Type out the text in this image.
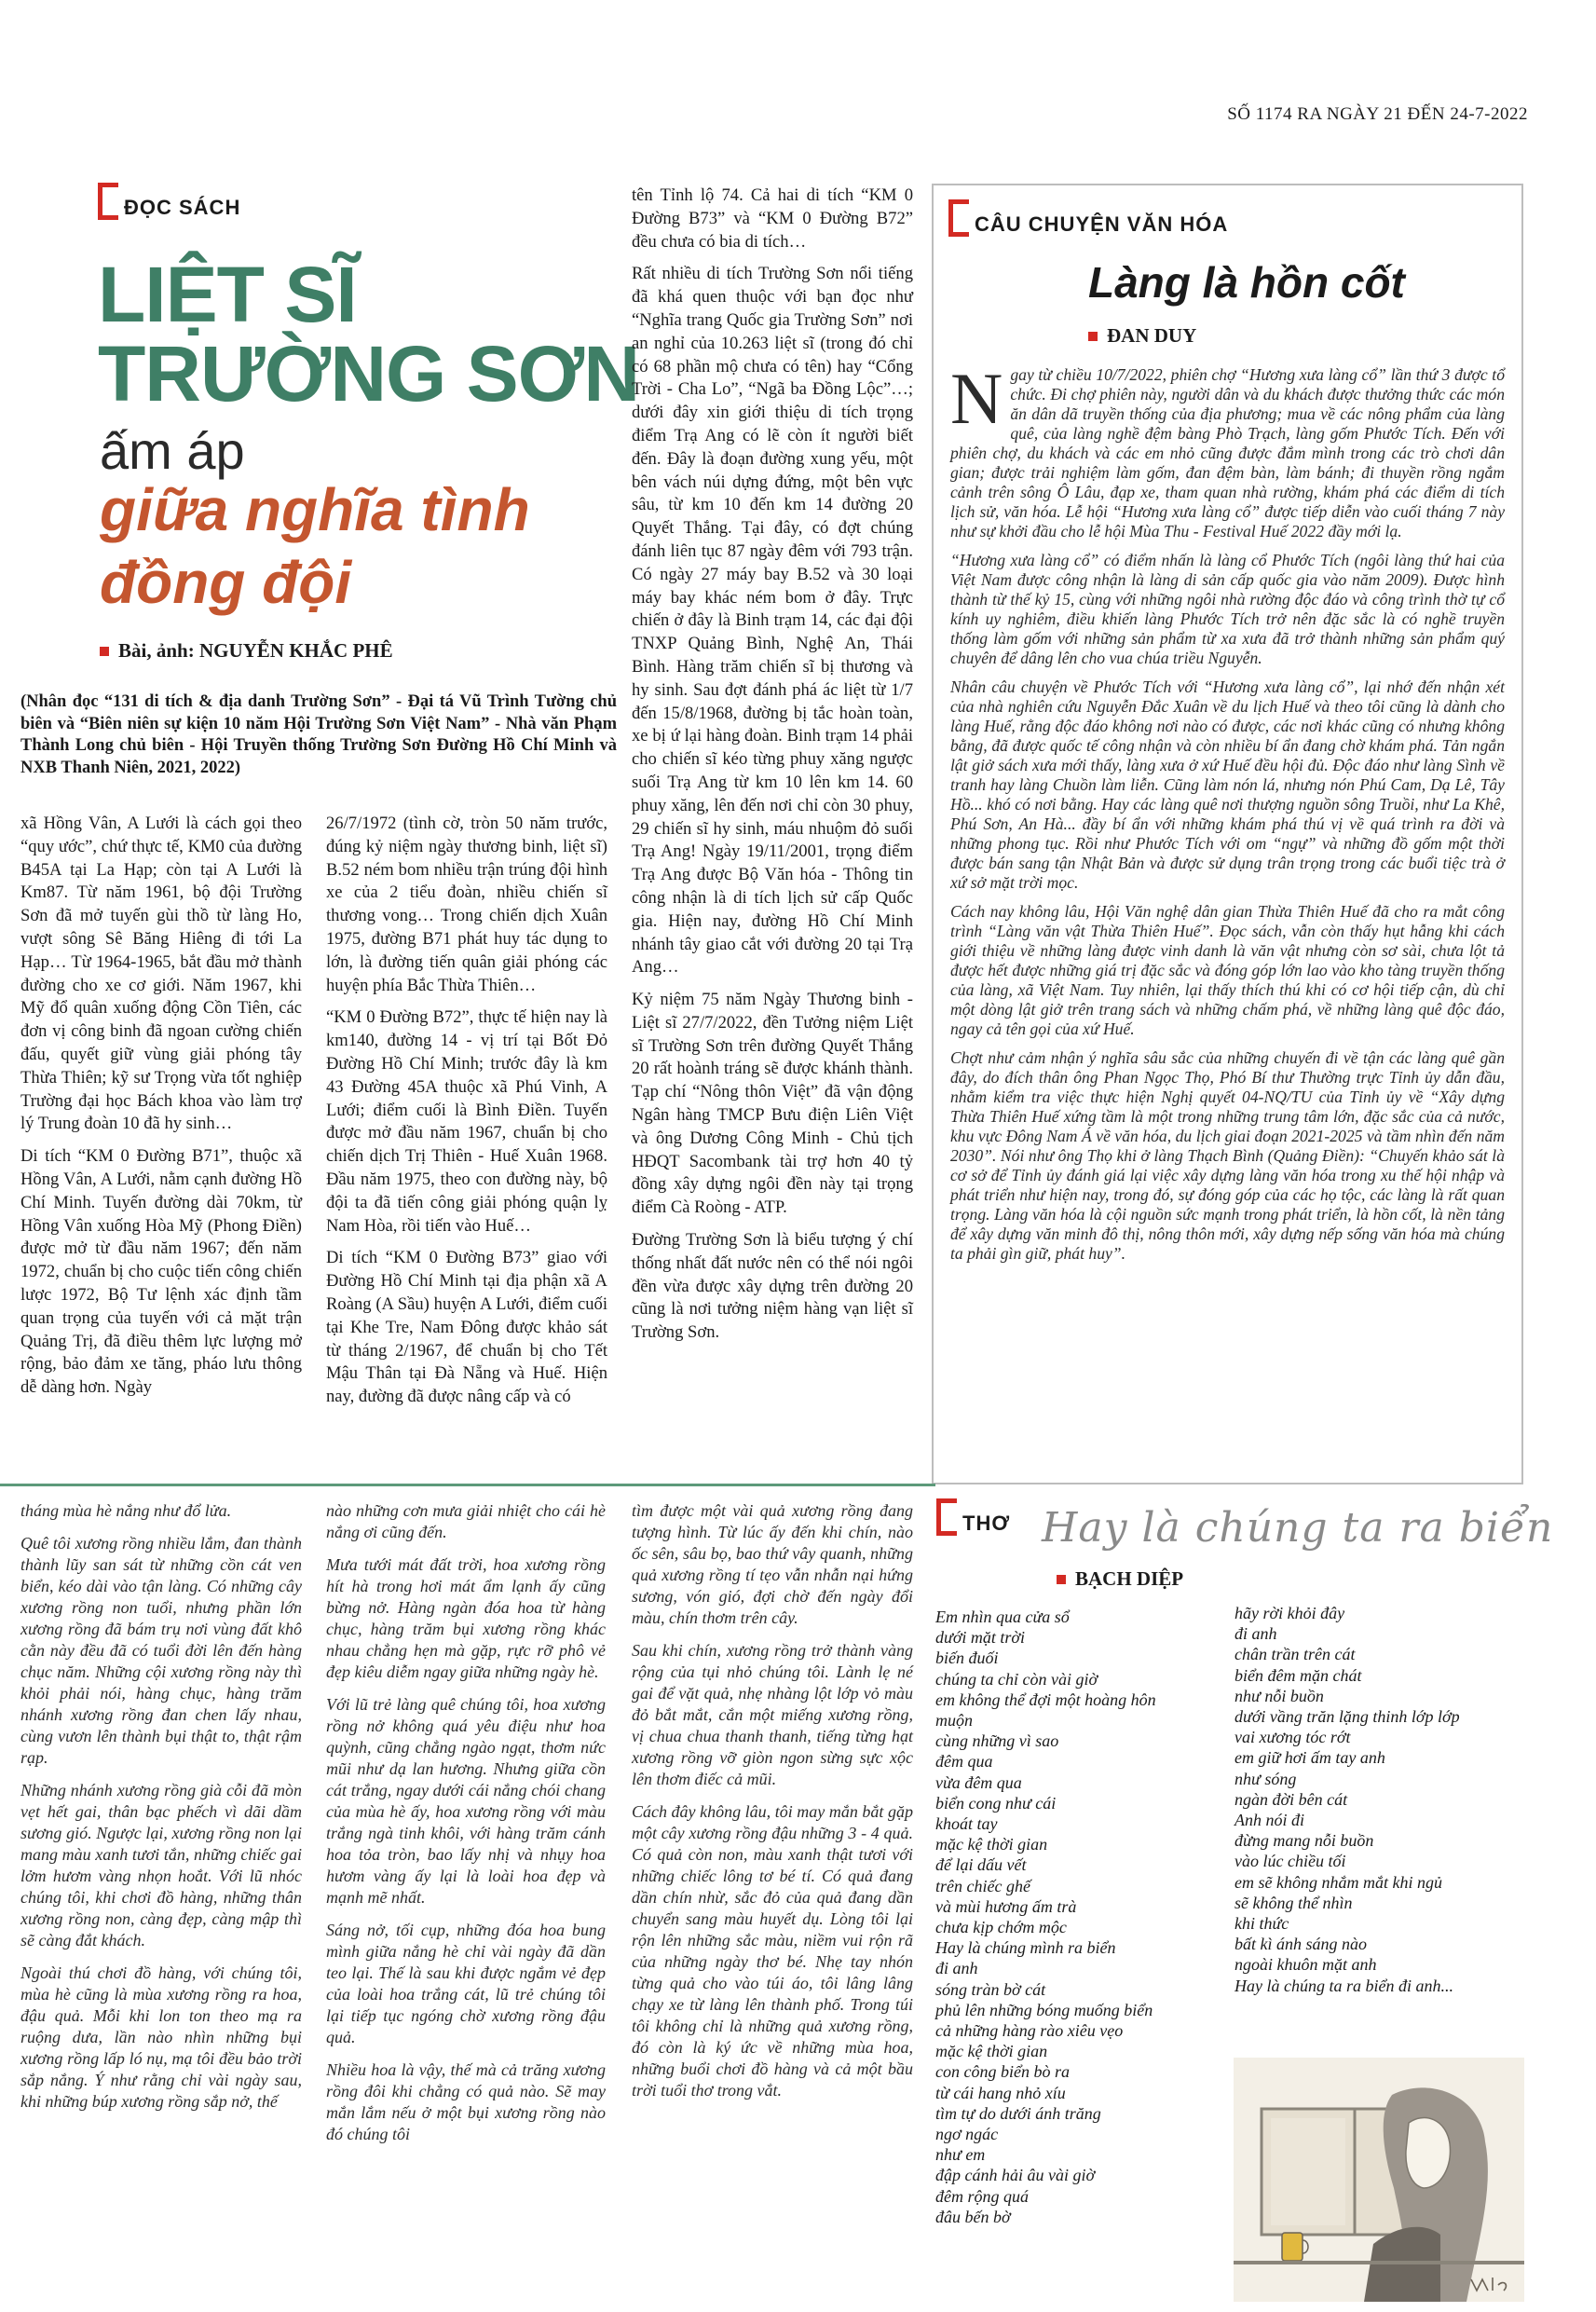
SỐ 1174 RA NGÀY 21 ĐẾN 24-7-2022
ĐỌC SÁCH
LIỆT SĨ
TRƯỜNG SƠN
ấm áp
giữa nghĩa tình
đồng đội
Bài, ảnh: NGUYỄN KHẮC PHÊ
(Nhân đọc “131 di tích & địa danh Trường Sơn” - Đại tá Vũ Trình Tường chủ biên và “Biên niên sự kiện 10 năm Hội Trường Sơn Việt Nam” - Nhà văn Phạm Thành Long chủ biên - Hội Truyền thống Trường Sơn Đường Hồ Chí Minh và NXB Thanh Niên, 2021, 2022)

xã Hồng Vân, A Lưới là cách gọi theo “quy ước”, chứ thực tế, KM0 của đường B45A tại La Hạp; còn tại A Lưới là Km87. Từ năm 1961, bộ đội Trường Sơn đã mở tuyến gùi thồ từ làng Ho, vượt sông Sê Băng Hiêng đi tới La Hạp… Từ 1964-1965, bắt đầu mở thành đường cho xe cơ giới. Năm 1967, khi Mỹ đổ quân xuống động Cồn Tiên, các đơn vị công binh đã ngoan cường chiến đấu, quyết giữ vùng giải phóng tây Thừa Thiên; kỹ sư Trọng vừa tốt nghiệp Trường đại học Bách khoa vào làm trợ lý Trung đoàn 10 đã hy sinh…

Di tích “KM 0 Đường B71”, thuộc xã Hồng Vân, A Lưới, nằm cạnh đường Hồ Chí Minh. Tuyến đường dài 70km, từ Hồng Vân xuống Hòa Mỹ (Phong Điền) được mở từ đầu năm 1967; đến năm 1972, chuẩn bị cho cuộc tiến công chiến lược 1972, Bộ Tư lệnh xác định tầm quan trọng của tuyến với cả mặt trận Quảng Trị, đã điều thêm lực lượng mở rộng, bảo đảm xe tăng, pháo lưu thông dễ dàng hơn. Ngày

26/7/1972 (tình cờ, tròn 50 năm trước, đúng kỷ niệm ngày thương binh, liệt sĩ) B.52 ném bom nhiều trận trúng đội hình xe của 2 tiểu đoàn, nhiều chiến sĩ thương vong… Trong chiến dịch Xuân 1975, đường B71 phát huy tác dụng to lớn, là đường tiến quân giải phóng các huyện phía Bắc Thừa Thiên…

“KM 0 Đường B72”, thực tế hiện nay là km140, đường 14 - vị trí tại Bốt Đỏ Đường Hồ Chí Minh; trước đây là km 43 Đường 45A thuộc xã Phú Vinh, A Lưới; điểm cuối là Bình Điền. Tuyến được mở đầu năm 1967, chuẩn bị cho chiến dịch Trị Thiên - Huế Xuân 1968. Đầu năm 1975, theo con đường này, bộ đội ta đã tiến công giải phóng quận lỵ Nam Hòa, rồi tiến vào Huế…

Di tích “KM 0 Đường B73” giao với Đường Hồ Chí Minh tại địa phận xã A Roàng (A Sầu) huyện A Lưới, điểm cuối tại Khe Tre, Nam Đông được khảo sát từ tháng 2/1967, để chuẩn bị cho Tết Mậu Thân tại Đà Nẵng và Huế. Hiện nay, đường đã được nâng cấp và có

tên Tỉnh lộ 74. Cả hai di tích “KM 0 Đường B73” và “KM 0 Đường B72” đều chưa có bia di tích…

Rất nhiều di tích Trường Sơn nổi tiếng đã khá quen thuộc với bạn đọc như “Nghĩa trang Quốc gia Trường Sơn” nơi an nghỉ của 10.263 liệt sĩ (trong đó chỉ có 68 phần mộ chưa có tên) hay “Cổng Trời - Cha Lo”, “Ngã ba Đồng Lộc”…; dưới đây xin giới thiệu di tích trọng điểm Trạ Ang có lẽ còn ít người biết đến. Đây là đoạn đường xung yếu, một bên vách núi dựng đứng, một bên vực sâu, từ km 10 đến km 14 đường 20 Quyết Thắng. Tại đây, có đợt chúng đánh liên tục 87 ngày đêm với 793 trận. Có ngày 27 máy bay B.52 và 30 loại máy bay khác ném bom ở đây. Trực chiến ở đây là Binh trạm 14, các đại đội TNXP Quảng Bình, Nghệ An, Thái Bình. Hàng trăm chiến sĩ bị thương và hy sinh. Sau đợt đánh phá ác liệt từ 1/7 đến 15/8/1968, đường bị tắc hoàn toàn, xe bị ứ lại hàng đoàn. Binh trạm 14 phải cho chiến sĩ kéo từng phuy xăng ngược suối Trạ Ang từ km 10 lên km 14. 60 phuy xăng, lên đến nơi chỉ còn 30 phuy, 29 chiến sĩ hy sinh, máu nhuộm đỏ suối Trạ Ang! Ngày 19/11/2001, trọng điểm Trạ Ang được Bộ Văn hóa - Thông tin công nhận là di tích lịch sử cấp Quốc gia. Hiện nay, đường Hồ Chí Minh nhánh tây giao cắt với đường 20 tại Trạ Ang…

Kỷ niệm 75 năm Ngày Thương binh - Liệt sĩ 27/7/2022, đền Tưởng niệm Liệt sĩ Trường Sơn trên đường Quyết Thắng 20 rất hoành tráng sẽ được khánh thành. Tạp chí “Nông thôn Việt” đã vận động Ngân hàng TMCP Bưu điện Liên Việt và ông Dương Công Minh - Chủ tịch HĐQT Sacombank tài trợ hơn 40 tỷ đồng xây dựng ngôi đền này tại trọng điểm Cà Roòng - ATP.

Đường Trường Sơn là biểu tượng ý chí thống nhất đất nước nên có thể nói ngôi đền vừa được xây dựng trên đường 20 cũng là nơi tưởng niệm hàng vạn liệt sĩ Trường Sơn.

CÂU CHUYỆN VĂN HÓA
Làng là hồn cốt
ĐAN DUY

Ngay từ chiều 10/7/2022, phiên chợ “Hương xưa làng cổ” lần thứ 3 được tổ chức. Đi chợ phiên này, người dân và du khách được thưởng thức các món ăn dân dã truyền thống của địa phương; mua về các nông phẩm của làng quê, của làng nghề đệm bàng Phò Trạch, làng gốm Phước Tích. Đến với phiên chợ, du khách và các em nhỏ cũng được đắm mình trong các trò chơi dân gian; được trải nghiệm làm gốm, đan đệm bàn, làm bánh; đi thuyền rồng ngắm cảnh trên sông Ô Lâu, đạp xe, tham quan nhà rường, khám phá các điểm di tích lịch sử, văn hóa. Lễ hội “Hương xưa làng cổ” được tiếp diễn vào cuối tháng 7 này như sự khởi đầu cho lễ hội Mùa Thu - Festival Huế 2022 đầy mới lạ.

“Hương xưa làng cổ” có điểm nhấn là làng cổ Phước Tích (ngôi làng thứ hai của Việt Nam được công nhận là làng di sản cấp quốc gia vào năm 2009). Được hình thành từ thế kỷ 15, cùng với những ngôi nhà rường độc đáo và công trình thờ tự cổ kính uy nghiêm, điều khiến làng Phước Tích trở nên đặc sắc là có nghề truyền thống làm gốm với những sản phẩm từ xa xưa đã trở thành những sản phẩm quý chuyên để dâng lên cho vua chúa triều Nguyễn.

Nhân câu chuyện về Phước Tích với “Hương xưa làng cổ”, lại nhớ đến nhận xét của nhà nghiên cứu Nguyễn Đắc Xuân về du lịch Huế và theo tôi cũng là dành cho làng Huế, rằng độc đáo không nơi nào có được, các nơi khác cũng có nhưng không bằng, đã được quốc tế công nhận và còn nhiều bí ẩn đang chờ khám phá. Tản ngắn lật giở sách xưa mới thấy, làng xưa ở xứ Huế đều hội đủ. Độc đáo như làng Sình về tranh hay làng Chuồn làm liễn. Cũng làm nón lá, nhưng nón Phú Cam, Dạ Lê, Tây Hồ... khó có nơi bằng. Hay các làng quê nơi thượng nguồn sông Truồi, như La Khê, Phú Sơn, An Hà... đầy bí ẩn với những khám phá thú vị về quá trình ra đời và những phong tục. Rồi như Phước Tích với om “ngự” và những đồ gốm một thời được bán sang tận Nhật Bản và được sử dụng trân trọng trong các buổi tiệc trà ở xứ sở mặt trời mọc.

Cách nay không lâu, Hội Văn nghệ dân gian Thừa Thiên Huế đã cho ra mắt công trình “Làng văn vật Thừa Thiên Huế”. Đọc sách, vẫn còn thấy hụt hẫng khi cách giới thiệu về những làng được vinh danh là văn vật nhưng còn sơ sài, chưa lột tả được hết được những giá trị đặc sắc và đóng góp lớn lao vào kho tàng truyền thống của làng, xã Việt Nam. Tuy nhiên, lại thấy thích thú khi có cơ hội tiếp cận, dù chỉ một dòng lật giở trên trang sách và những chấm phá, về những làng quê độc đáo, ngay cả tên gọi của xứ Huế.

Chợt như cảm nhận ý nghĩa sâu sắc của những chuyến đi về tận các làng quê gần đây, do đích thân ông Phan Ngọc Thọ, Phó Bí thư Thường trực Tỉnh ủy dẫn đầu, nhằm kiểm tra việc thực hiện Nghị quyết 04-NQ/TU của Tỉnh ủy về “Xây dựng Thừa Thiên Huế xứng tầm là một trong những trung tâm lớn, đặc sắc của cả nước, khu vực Đông Nam Á về văn hóa, du lịch giai đoạn 2021-2025 và tầm nhìn đến năm 2030”. Nói như ông Thọ khi ở làng Thạch Bình (Quảng Điền): “Chuyến khảo sát là cơ sở để Tỉnh ủy đánh giá lại việc xây dựng làng văn hóa trong xu thế hội nhập và phát triển như hiện nay, trong đó, sự đóng góp của các họ tộc, các làng là rất quan trọng. Làng văn hóa là cội nguồn sức mạnh trong phát triển, là hồn cốt, là nền tảng để xây dựng văn minh đô thị, nông thôn mới, xây dựng nếp sống văn hóa mà chúng ta phải gìn giữ, phát huy”.

tháng mùa hè nắng như đổ lửa.

Quê tôi xương rồng nhiều lắm, đan thành thành lũy san sát từ những cồn cát ven biển, kéo dài vào tận làng. Có những cây xương rồng non tuổi, nhưng phần lớn xương rồng đã bám trụ nơi vùng đất khô cằn này đều đã có tuổi đời lên đến hàng chục năm. Những cội xương rồng này thì khỏi phải nói, hàng chục, hàng trăm nhánh xương rồng đan chen lấy nhau, cùng vươn lên thành bụi thật to, thật rậm rạp.

Những nhánh xương rồng già cỗi đã mòn vẹt hết gai, thân bạc phếch vì dãi dầm sương gió. Ngược lại, xương rồng non lại mang màu xanh tươi tắn, những chiếc gai lởm hươm vàng nhọn hoắt. Với lũ nhóc chúng tôi, khi chơi đồ hàng, những thân xương rồng non, càng đẹp, càng mập thì sẽ càng đắt khách.

Ngoài thú chơi đồ hàng, với chúng tôi, mùa hè cũng là mùa xương rồng ra hoa, đậu quả. Mỗi khi lon ton theo mạ ra ruộng dưa, lần nào nhìn những bụi xương rồng lấp ló nụ, mạ tôi đều bảo trời sắp nắng. Ý như rằng chỉ vài ngày sau, khi những búp xương rồng sắp nở, thế

nào những cơn mưa giải nhiệt cho cái hè nắng ơi cũng đến.

Mưa tưới mát đất trời, hoa xương rồng hít hà trong hơi mát ẩm lạnh ấy cũng bừng nở. Hàng ngàn đóa hoa từ hàng chục, hàng trăm bụi xương rồng khác nhau chẳng hẹn mà gặp, rực rỡ phô vẻ đẹp kiêu diễm ngay giữa những ngày hè.

Với lũ trẻ làng quê chúng tôi, hoa xương rồng nở không quá yêu điệu như hoa quỳnh, cũng chẳng ngào ngạt, thơm nức mũi như dạ lan hương. Nhưng giữa cồn cát trắng, ngay dưới cái nắng chói chang của mùa hè ấy, hoa xương rồng với màu trắng ngà tinh khôi, với hàng trăm cánh hoa tỏa tròn, bao lấy nhị và nhụy hoa hươm vàng ấy lại là loài hoa đẹp và mạnh mẽ nhất.

Sáng nở, tối cụp, những đóa hoa bung mình giữa nắng hè chỉ vài ngày đã dần teo lại. Thế là sau khi được ngắm vẻ đẹp của loài hoa trắng cát, lũ trẻ chúng tôi lại tiếp tục ngóng chờ xương rồng đậu quả.

Nhiều hoa là vậy, thế mà cả trăng xương rồng đôi khi chẳng có quả nào. Sẽ may mắn lắm nếu ở một bụi xương rồng nào đó chúng tôi

tìm được một vài quả xương rồng đang tượng hình. Từ lúc ấy đến khi chín, nào ốc sên, sâu bọ, bao thứ vây quanh, những quả xương rồng tí tẹo vẫn nhẫn nại hứng sương, vón gió, đợi chờ đến ngày đổi màu, chín thơm trên cây.

Sau khi chín, xương rồng trở thành vàng rộng của tụi nhỏ chúng tôi. Lành lẹ né gai để vặt quả, nhẹ nhàng lột lớp vỏ màu đỏ bắt mắt, cắn một miếng xương rồng, vị chua chua thanh thanh, tiếng từng hạt xương rồng vỡ giòn ngon sừng sực xộc lên thơm điếc cả mũi.

Cách đây không lâu, tôi may mắn bắt gặp một cây xương rồng đậu những 3 - 4 quả. Có quả còn non, màu xanh thật tươi với những chiếc lông tơ bé tí. Có quả đang dần chín nhừ, sắc đỏ của quả đang dần chuyển sang màu huyết dụ. Lòng tôi lại rộn lên những sắc màu, niềm vui rộn rã của những ngày thơ bé. Nhẹ tay nhón từng quả cho vào túi áo, tôi lâng lâng chạy xe từ làng lên thành phố. Trong túi tôi không chỉ là những quả xương rồng, đó còn là ký ức về những mùa hoa, những buổi chơi đồ hàng và cả một bầu trời tuổi thơ trong vắt.

THƠ Hay là chúng ta ra biển
BẠCH DIỆP
Em nhìn qua cửa sổ
dưới mặt trời
biến đuối
chúng ta chỉ còn vài giờ
em không thể đợi một hoàng hôn
muộn
cùng những vì sao
đêm qua
vừa đêm qua
biển cong như cái
khoát tay
mặc kệ thời gian
để lại dấu vết
trên chiếc ghế
và mùi hương ấm trà
chưa kịp chớm mộc
Hay là chúng mình ra biển
đi anh
sóng tràn bờ cát
phủ lên những bóng muống biển
cả những hàng rào xiêu vẹo
mặc kệ thời gian
con công biển bò ra
từ cái hang nhỏ xíu
tìm tự do dưới ánh trăng
ngơ ngác
như em
đập cánh hải âu vài giờ
đêm rộng quá
đâu bến bờ
hãy rời khỏi đây
đi anh
chân trần trên cát
biển đêm mặn chát
như nỗi buồn
dưới vầng trăn lặng thinh lớp lớp
vai xương tóc rớt
em giữ hơi ấm tay anh
như sóng
ngàn đời bên cát
Anh nói đi
đừng mang nỗi buồn
vào lúc chiều tối
em sẽ không nhắm mắt khi ngủ
sẽ không thể nhìn
khi thức
bất kì ánh sáng nào
ngoài khuôn mặt anh
Hay là chúng ta ra biển đi anh...
